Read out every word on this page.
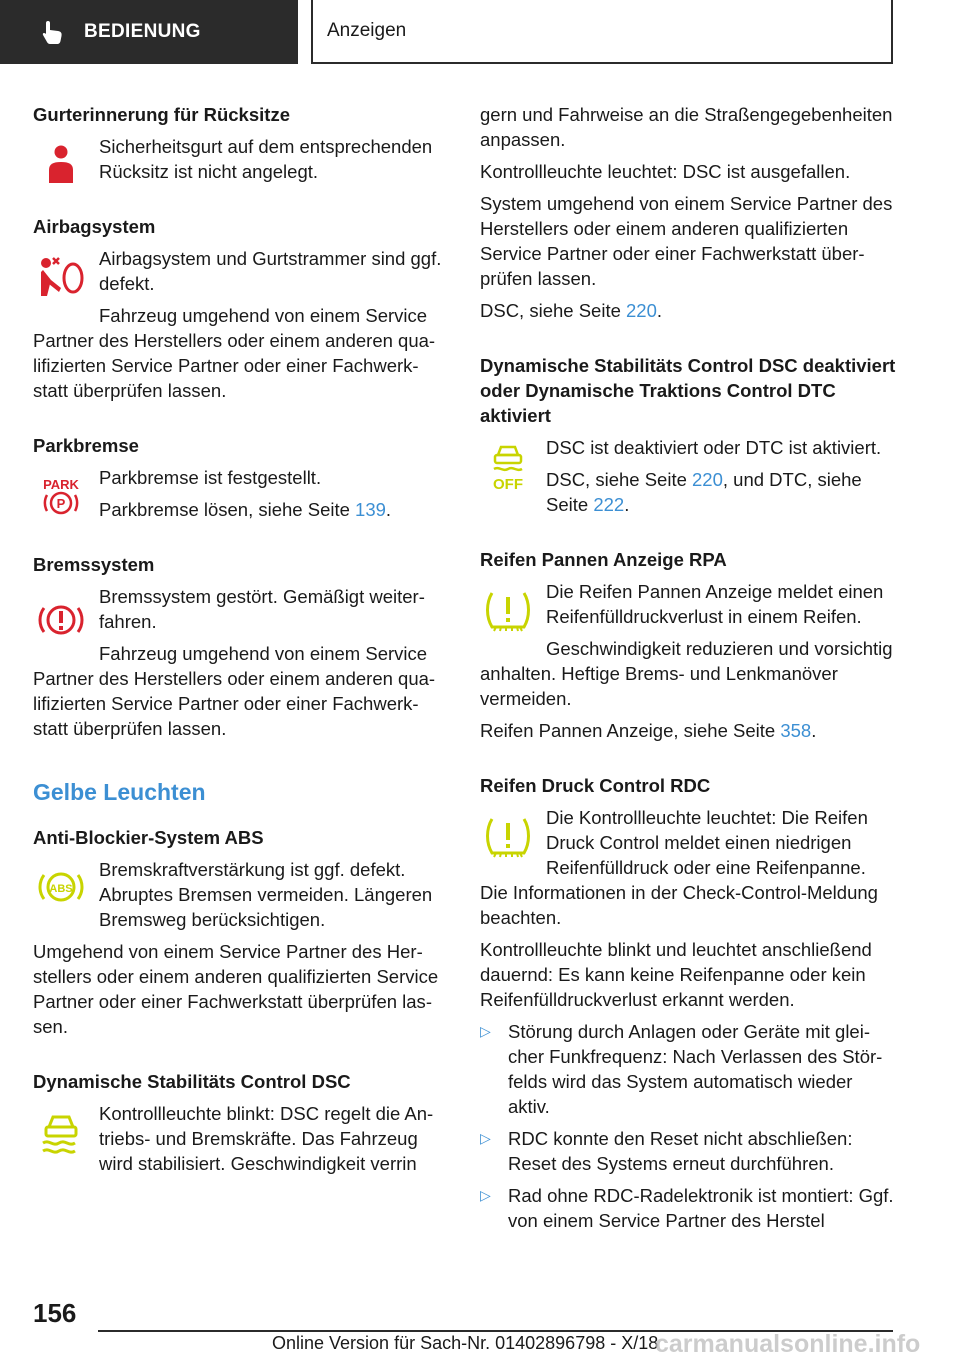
BEDIENUNG	Anzeigen
Gurterinnerung für Rücksitze

Sicherheitsgurt auf dem entsprechenden Rücksitz ist nicht angelegt.

Airbagsystem

Airbagsystem und Gurtstrammer sind ggf. defekt.

Fahrzeug umgehend von einem Service Partner des Herstellers oder einem anderen qualifizierten Service Partner oder einer Fachwerkstatt überprüfen lassen.

Parkbremse
PARK
P

Parkbremse ist festgestellt.

Parkbremse lösen, siehe Seite 139.

Bremssystem

Bremssystem gestört. Gemäßigt weiterfahren.

Fahrzeug umgehend von einem Service Partner des Herstellers oder einem anderen qualifizierten Service Partner oder einer Fachwerkstatt überprüfen lassen.

Gelbe Leuchten
Anti-Blockier-System ABS
ABS

Bremskraftverstärkung ist ggf. defekt. Abruptes Bremsen vermeiden. Längeren Bremsweg berücksichtigen.

Umgehend von einem Service Partner des Herstellers oder einem anderen qualifizierten Service Partner oder einer Fachwerkstatt überprüfen lassen.

Dynamische Stabilitäts Control DSC

Kontrollleuchte blinkt: DSC regelt die Antriebs- und Bremskräfte. Das Fahrzeug wird stabilisiert. Geschwindigkeit verrin

gern und Fahrweise an die Straßengegebenheiten anpassen.

Kontrollleuchte leuchtet: DSC ist ausgefallen.

System umgehend von einem Service Partner des Herstellers oder einem anderen qualifizierten Service Partner oder einer Fachwerkstatt überprüfen lassen.

DSC, siehe Seite 220.

Dynamische Stabilitäts Control DSC deaktiviert oder Dynamische Traktions Control DTC aktiviert
OFF

DSC ist deaktiviert oder DTC ist aktiviert.

DSC, siehe Seite 220, und DTC, siehe Seite 222.

Reifen Pannen Anzeige RPA

Die Reifen Pannen Anzeige meldet einen Reifenfülldruckverlust in einem Reifen.

Geschwindigkeit reduzieren und vorsichtig anhalten. Heftige Brems- und Lenkmanöver vermeiden.

Reifen Pannen Anzeige, siehe Seite 358.

Reifen Druck Control RDC

Die Kontrollleuchte leuchtet: Die Reifen Druck Control meldet einen niedrigen Reifenfülldruck oder eine Reifenpanne.

Die Informationen in der Check-Control-Meldung beachten.

Kontrollleuchte blinkt und leuchtet anschließend dauernd: Es kann keine Reifenpanne oder kein Reifenfülldruckverlust erkannt werden.

▷ Störung durch Anlagen oder Geräte mit gleicher Funkfrequenz: Nach Verlassen des Störfelds wird das System automatisch wieder aktiv.

▷ RDC konnte den Reset nicht abschließen: Reset des Systems erneut durchführen.

▷ Rad ohne RDC-Radelektronik ist montiert: Ggf. von einem Service Partner des Herstel

156
Online Version für Sach-Nr. 01402896798 - X/18
carmanualsonline.info
